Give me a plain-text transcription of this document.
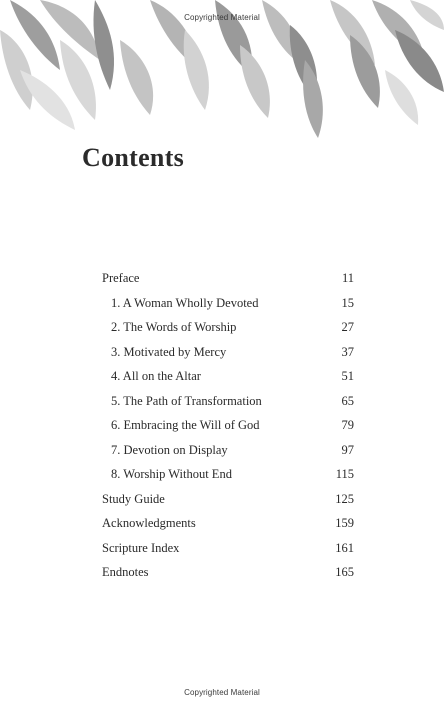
Copyrighted Material
Contents
Preface	11
1. A Woman Wholly Devoted	15
2. The Words of Worship	27
3. Motivated by Mercy	37
4. All on the Altar	51
5. The Path of Transformation	65
6. Embracing the Will of God	79
7. Devotion on Display	97
8. Worship Without End	115
Study Guide	125
Acknowledgments	159
Scripture Index	161
Endnotes	165
Copyrighted Material
